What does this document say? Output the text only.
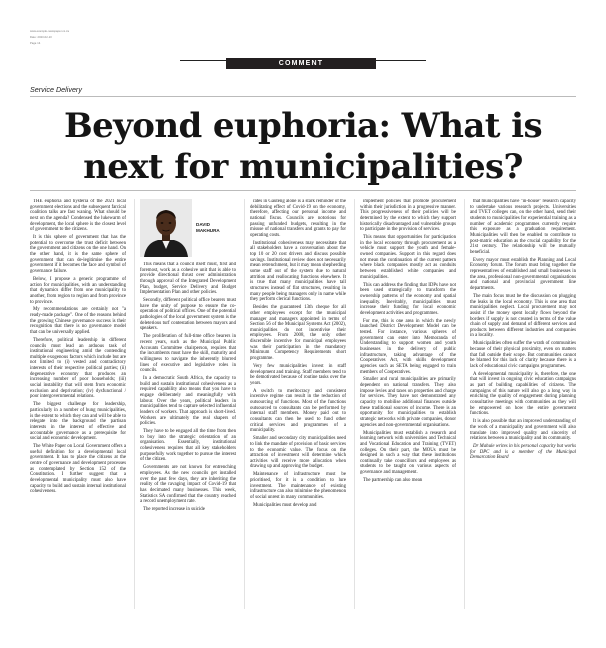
www.example-newspaper.co.za
Date: 2023-02-10
Page 14
COMMENT
Service Delivery
Beyond euphoria: What is next for municipalities?

THE euphoria and hysteria of the 2021 local government elections and the subsequent farcical coalition talks are fast waning. What should be next on the agenda? Condensed the lukewarm of development, the local sphere is the closest level of government to the citizens.

It is this sphere of government that has the potential to overcome the trust deficit between the government and citizens on the one hand. On the other hand, it is the same sphere of government that can de-legitimise the entire government if it becomes the face and symbol of governance failure.

Below, I propose a generic programme of action for municipalities, with an understanding that dynamics differ from one municipality to another, from region to region and from province to province.

My recommendations are certainly not "a ready-made package". One of the reasons behind the growing Chinese governance success is their recognition that there is no governance model that can be universally applied.

Therefore, political leadership in different councils must lead an arduous task of institutional engineering amid the contending multiple exogenous factors which include but are not limited to (i) vested and contradictory interests of their respective political parties; (ii) degenerative economy that produces an increasing number of poor households; (iii) social instability that will stem from economic exclusion and deprivation; (iv) dysfunctional / poor intergovernmental relations.

The biggest challenge for leadership, particularly in a number of hung municipalities, is the extent to which they can and will be able to relegate into the background the partisan interests in the interest of effective and accountable governance as a prerequisite for social and economic development.

The White Paper on Local Government offers a useful definition for a developmental local government. It has to place the citizens at the centre of governance and development processes as contemplated by Section 152 of the Constitution. I further suggest that a developmental municipality must also have capacity to build and sustain internal institutional cohesiveness.

DAVID
MAKHURA

This means that a council itself must, first and foremost, work as a cohesive unit that is able to provide directional thrust over administration through approval of the Integrated Development Plan, budget, Service Delivery and Budget Implementation Plan and other policies.

Secondly, different political office bearers must have the unity of purpose to ensure the co-operation of political offices. One of the potential pathologies of the local government system is the deleterious turf contestation between mayors and speakers.

The proliferation of full-time office bearers in recent years, such as the Municipal Public Accounts Committee chairperson, requires that the incumbents must have the skill, maturity and willingness to navigate the inherently blurred lines of executive and legislative roles in councils.

In a democratic South Africa, the capacity to build and sustain institutional cohesiveness as a required capability also means that you have to engage deliberately and meaningfully with labour. Over the years, political leaders in municipalities tend to capture selected influential leaders of workers. That approach is short-lived. Workers are ultimately the real shapers of policies.

They have to be engaged all the time from then to buy into the strategic orientation of an organisation. Essentially, institutional cohesiveness requires that all key stakeholders purposefully work together to pursue the interest of the citizen.

Governments are not known for entrenching employees. As the new councils get installed over the past few days, they are inheriting the reality of the ravaging impact of Covid-19 that has decimated many businesses. This week, Statistics SA confirmed that the country reached a record unemployment rate.

The reported increase in suicide

rates in Gauteng alone is a stark reminder of the debilitating effect of Covid-19 on the economy, therefore, affecting our personal income and national fiscus. Councils are notorious for passing unfunded budgets, resulting in the misuse of national transfers and grants to pay for operating costs.

Institutional cohesiveness may necessitate that all stakeholders have a conversation about the top 10 or 20 cost drivers and discuss possible savings. Institutional review does not necessarily mean retrenchment, but it may mean shepherding some staff out of the system due to natural attrition and reallocating functions elsewhere. It is true that many municipalities have tall structures instead of flat structures, resulting in many people being managers only in name while they perform clerical functions.

Besides the guaranteed 13th cheque for all other employees except for the municipal manager and managers appointed in terms of Section 56 of the Municipal Systems Act (2002), municipalities do not incentivise their employees. From 2008, the only other discernible incentive for municipal employees was their participation in the mandatory Minimum Competency Requirements short programme.

Very few municipalities invest in staff development and training. Staff members tend to be demotivated because of routine tasks over the years.

A switch to meritocracy and consistent incentive regime can result in the reduction of outsourcing of functions. Most of the functions outsourced to consultants can be performed by internal staff members. Money paid out to consultants can then be used to fund other critical services and programmes of a municipality.

Smaller and secondary city municipalities need to link the mandate of provision of basic services to the economic value. The focus on the attraction of investment will determine which activities will receive more allocation when drawing up and approving the budget.

Maintenance of infrastructure must be prioritised, for it is a condition to lure investment. The maintenance of existing infrastructure can also minimise the phenomenon of social unrest in many communities.

Municipalities must develop and

implement policies that promote procurement within their jurisdiction in a progressive manner. This progressiveness of their policies will be determined by the extent to which they support historically disadvantaged and vulnerable groups to participate in the provision of services.

This means that opportunities for participation in the local economy through procurement as a vehicle must support the youth and female-owned companies. Support in this regard does not mean the continuation of the current pattern where black companies mostly act as conduits between established white companies and municipalities.

This can address the finding that IDPs have not been used strategically to transform the ownership patterns of the economy and spatial inequality. Inevitably, municipalities must increase their funding for local economic development activities and programmes.

For me, this is one area in which the newly launched District Development Model can be tested. For instance, various spheres of government can enter into Memoranda of Understanding to support women and youth businesses in the delivery of public infrastructure, taking advantage of the Cooperatives Act, with skills development agencies such as SETA being engaged to train members of Cooperatives.

Smaller and rural municipalities are primarily dependent on national transfers. They also impose levies and taxes on properties and charge for services. They have not demonstrated any capacity to mobilise additional finances outside these traditional sources of income. There is an opportunity for municipalities to establish strategic networks with private companies, donor agencies and non-governmental organisations.

Municipalities must establish a research and learning network with universities and Technical and Vocational Education and Training (TVET) colleges. On their part, the MOUs must be designed in such a way that these institutions continually take councillors and employees as students to be taught on various aspects of governance and management.

The partnership can also mean

that municipalities have "in-house" research capacity to undertake various research projects. Universities and TVET colleges can, on the other hand, send their students to municipalities for experiential training as a number of academic programmes currently require this exposure as a graduation requirement. Municipalities will then be enabled to contribute to post-matric education as the crucial capability for the 21st century. The relationship will be mutually beneficial.

Every mayor must establish the Planning and Local Economy forum. The forum must bring together the representatives of established and small businesses in the area, professional non-governmental organisations and national and provincial government line departments.

The main focus must be the discussion on plugging the leaks in the local economy. This is one area that municipalities neglect. Local procurement may not assist if the money spent locally flows beyond the borders if supply is not created in terms of the value chain of supply and demand of different services and products between different industries and companies in a locality.

Municipalities often suffer the wrath of communities because of their physical proximity, even on matters that fall outside their scope. But communities cannot be blamed for this lack of clarity because there is a lack of educational civic campaigns programmes.

A developmental municipality is, therefore, the one that will invest in ongoing civic education campaigns as part of building capabilities of citizens. The campaigns of this nature will also go a long way in enriching the quality of engagement during planning consultative meetings with communities as they will be empowered on how the entire government functions.

It is also possible that an improved understanding of the work of a municipality and government will also translate into improved quality and sincerity of relations between a municipality and its community.

Dr Mahule writes in his personal capacity but works for DPC and is a member of the Municipal Demarcation Board
